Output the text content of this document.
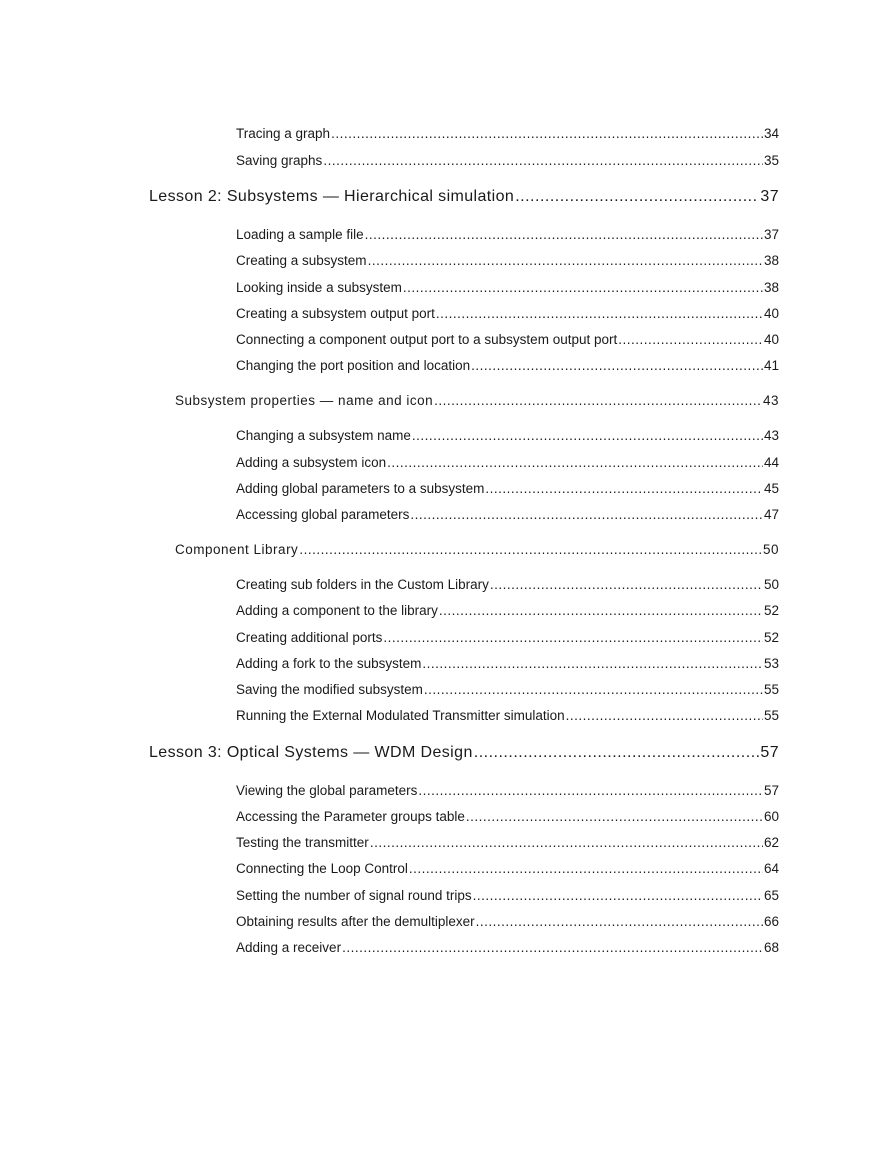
Tracing a graph .....	34
Saving graphs .....	35
Lesson 2: Subsystems — Hierarchical simulation .....	37
Loading a sample file .....	37
Creating a subsystem .....	38
Looking inside a subsystem .....	38
Creating a subsystem output port .....	40
Connecting a component output port to a subsystem output port .....	40
Changing the port position and location .....	41
Subsystem properties — name and icon .....	43
Changing a subsystem name .....	43
Adding a subsystem icon .....	44
Adding global parameters to a subsystem .....	45
Accessing global parameters .....	47
Component Library .....	50
Creating sub folders in the Custom Library .....	50
Adding a component to the library .....	52
Creating additional ports .....	52
Adding a fork to the subsystem .....	53
Saving the modified subsystem .....	55
Running the External Modulated Transmitter simulation .....	55
Lesson 3: Optical Systems — WDM Design .....	57
Viewing the global parameters .....	57
Accessing the Parameter groups table .....	60
Testing the transmitter .....	62
Connecting the Loop Control .....	64
Setting the number of signal round trips .....	65
Obtaining results after the demultiplexer .....	66
Adding a receiver .....	68
